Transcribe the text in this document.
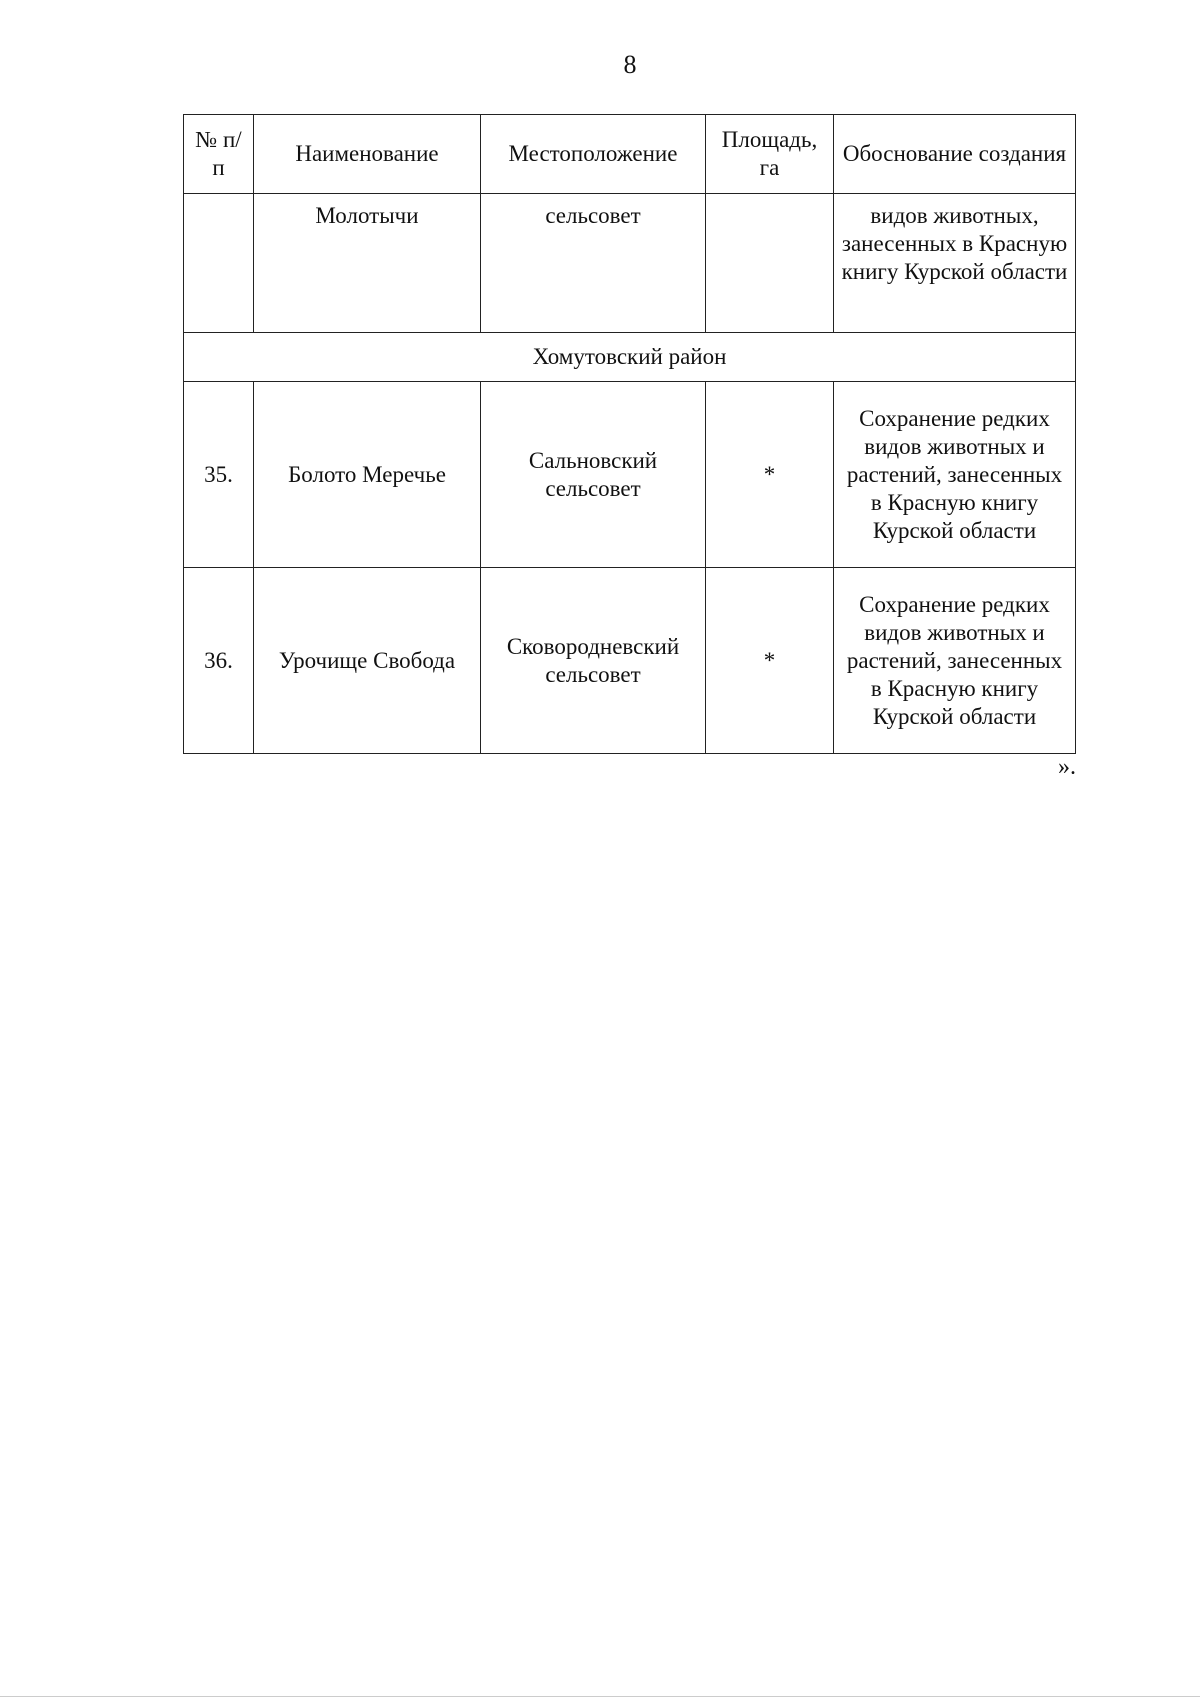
8
№ п/п	Наименование	Местоположение	Площадь, га	Обоснование создания
	Молотычи	сельсовет		видов животных, занесенных в Красную книгу Курской области
Хомутовский район				
35.	Болото Меречье	Сальновский сельсовет	*	Сохранение редких видов животных и растений, занесенных в Красную книгу Курской области
36.	Урочище Свобода	Сковородневский сельсовет	*	Сохранение редких видов животных и растений, занесенных в Красную книгу Курской области
».
